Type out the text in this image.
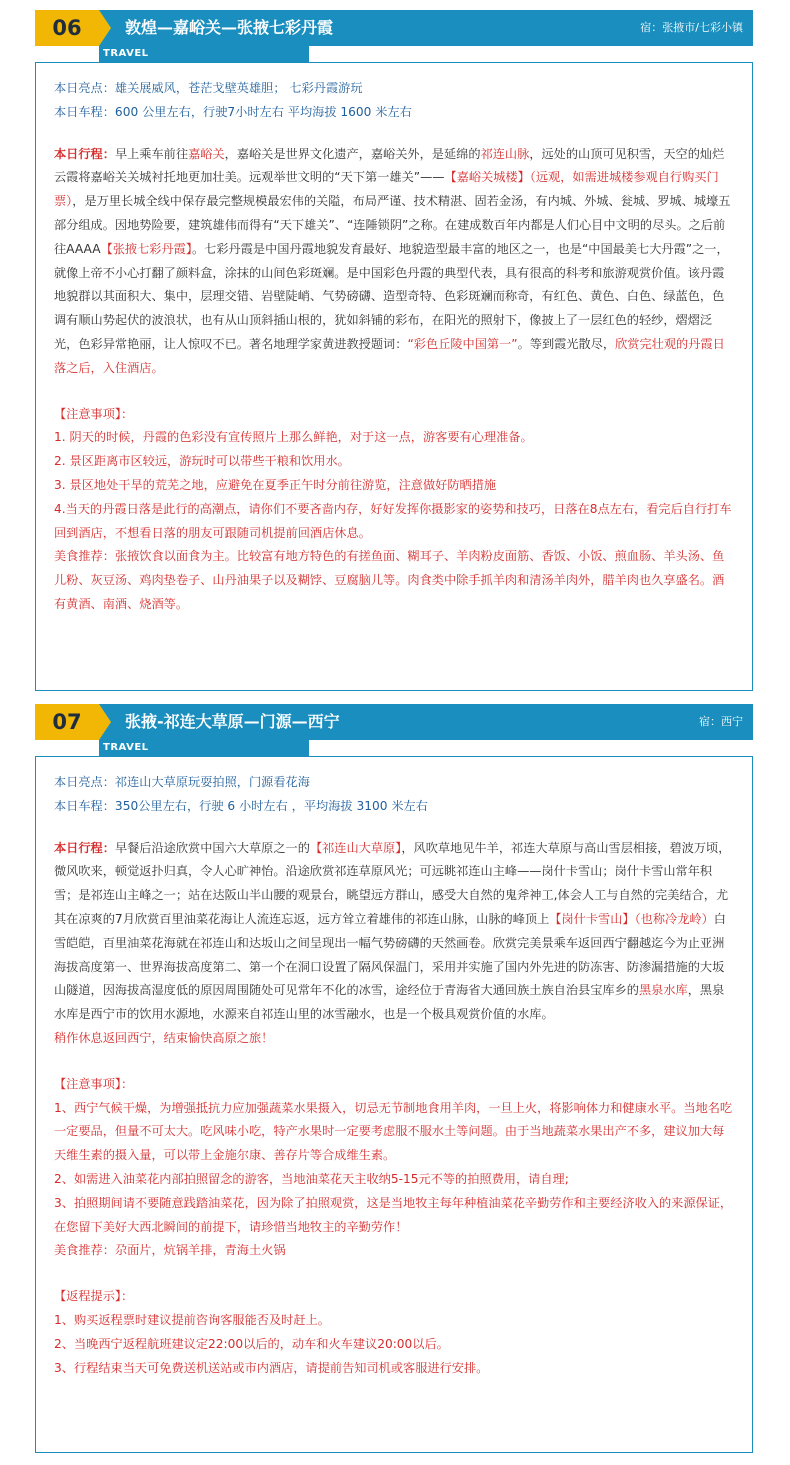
06	敦煌—嘉峪关—张掖七彩丹霞	宿：张掖市/七彩小镇
TRAVEL

本日亮点：雄关展威风，苍茫戈壁英雄胆； 七彩丹霞游玩

本日车程：600 公里左右，行驶7小时左右 平均海拔 1600 米左右

本日行程：早上乘车前往嘉峪关，嘉峪关是世界文化遗产，嘉峪关外，是延绵的祁连山脉，远处的山顶可见积雪，天空的灿烂云霞将嘉峪关关城衬托地更加壮美。远观举世文明的“天下第一雄关”——【嘉峪关城楼】（远观，如需进城楼参观自行购买门票），是万里长城全线中保存最完整规模最宏伟的关隘，布局严谨、技术精湛、固若金汤，有内城、外城、瓮城、罗城、城壕五部分组成。因地势险要，建筑雄伟而得有“天下雄关”、“连陲锁阴”之称。在建成数百年内都是人们心目中文明的尽头。之后前往AAAA【张掖七彩丹霞】。七彩丹霞是中国丹霞地貌发育最好、地貌造型最丰富的地区之一，也是“中国最美七大丹霞”之一，就像上帝不小心打翻了颜料盒，涂抹的山间色彩斑斓。是中国彩色丹霞的典型代表，具有很高的科考和旅游观赏价值。该丹霞地貌群以其面积大、集中，层理交错、岩壁陡峭、气势磅礴、造型奇特、色彩斑斓而称奇，有红色、黄色、白色、绿蓝色，色调有顺山势起伏的波浪状，也有从山顶斜插山根的，犹如斜铺的彩布，在阳光的照射下，像披上了一层红色的轻纱，熠熠泛光，色彩异常艳丽，让人惊叹不已。著名地理学家黄进教授题词：“彩色丘陵中国第一”。等到霞光散尽，欣赏完壮观的丹霞日落之后，入住酒店。

【注意事项】：

1. 阴天的时候，丹霞的色彩没有宣传照片上那么鲜艳，对于这一点，游客要有心理准备。

2. 景区距离市区较远，游玩时可以带些干粮和饮用水。

3. 景区地处干旱的荒芜之地，应避免在夏季正午时分前往游览，注意做好防晒措施

4.当天的丹霞日落是此行的高潮点，请你们不要吝啬内存，好好发挥你摄影家的姿势和技巧，日落在8点左右，看完后自行打车回到酒店，不想看日落的朋友可跟随司机提前回酒店休息。

美食推荐：张掖饮食以面食为主。比较富有地方特色的有搓鱼面、糊耳子、羊肉粉皮面筋、香饭、小饭、煎血肠、羊头汤、鱼儿粉、灰豆汤、鸡肉垫卷子、山丹油果子以及糊饽、豆腐脑儿等。肉食类中除手抓羊肉和清汤羊肉外，腊羊肉也久享盛名。酒有黄酒、南酒、烧酒等。

07	张掖-祁连大草原—门源—西宁	宿：西宁
TRAVEL

本日亮点：祁连山大草原玩耍拍照，门源看花海

本日车程：350公里左右，行驶 6 小时左右 ，平均海拔 3100 米左右

本日行程：早餐后沿途欣赏中国六大草原之一的【祁连山大草原】，风吹草地见牛羊，祁连大草原与高山雪层相接，碧波万顷，微风吹来，顿觉返扑归真，令人心旷神怡。沿途欣赏祁连草原风光；可远眺祁连山主峰——岗什卡雪山；岗什卡雪山常年积雪；是祁连山主峰之一；站在达阪山半山腰的观景台，眺望远方群山，感受大自然的鬼斧神工,体会人工与自然的完美结合，尤其在凉爽的7月欣赏百里油菜花海让人流连忘返，远方耸立着雄伟的祁连山脉，山脉的峰顶上【岗什卡雪山】（也称冷龙岭）白雪皑皑，百里油菜花海就在祁连山和达坂山之间呈现出一幅气势磅礴的天然画卷。欣赏完美景乘车返回西宁翻越迄今为止亚洲海拔高度第一、世界海拔高度第二、第一个在洞口设置了隔风保温门，采用并实施了国内外先进的防冻害、防渗漏措施的大坂山隧道，因海拔高湿度低的原因周围随处可见常年不化的冰雪，途经位于青海省大通回族土族自治县宝库乡的黑泉水库，黑泉水库是西宁市的饮用水源地，水源来自祁连山里的冰雪融水，也是一个极具观赏价值的水库。

稍作休息返回西宁，结束愉快高原之旅！

【注意事项】：

1、西宁气候干燥，为增强抵抗力应加强蔬菜水果摄入，切忌无节制地食用羊肉，一旦上火，将影响体力和健康水平。当地名吃一定要品，但量不可太大。吃风味小吃，特产水果时一定要考虑服不服水土等问题。由于当地蔬菜水果出产不多，建议加大每天维生素的摄入量，可以带上金施尔康、善存片等合成维生素。

2、如需进入油菜花内部拍照留念的游客，当地油菜花天主收纳5-15元不等的拍照费用，请自理;

3、拍照期间请不要随意践踏油菜花，因为除了拍照观赏，这是当地牧主每年种植油菜花辛勤劳作和主要经济收入的来源保证，在您留下美好大西北瞬间的前提下，请珍惜当地牧主的辛勤劳作！

美食推荐：尕面片，炕锅羊排，青海土火锅

【返程提示】：

1、购买返程票时建议提前咨询客服能否及时赶上。

2、当晚西宁返程航班建议定22:00以后的，动车和火车建议20:00以后。

3、行程结束当天可免费送机送站或市内酒店，请提前告知司机或客服进行安排。
